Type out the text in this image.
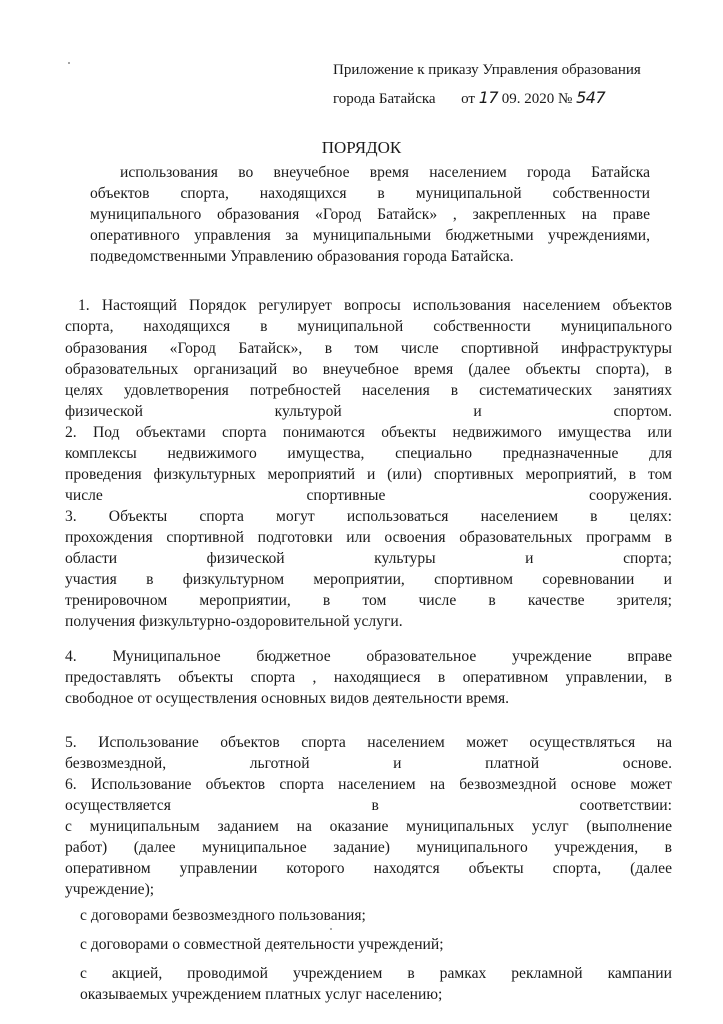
Приложение к приказу Управления образования
города Батайска от 17 09. 2020 № 547
ПОРЯДОК
использования во внеучебное время населением города Батайска
объектов спорта, находящихся в муниципальной собственности
муниципального образования «Город Батайск» , закрепленных на праве
оперативного управления за муниципальными бюджетными учреждениями,
подведомственными Управлению образования города Батайска.
1. Настоящий Порядок регулирует вопросы использования населением объектов
спорта, находящихся в муниципальной собственности муниципального
образования «Город Батайск», в том числе спортивной инфраструктуры
образовательных организаций во внеучебное время (далее объекты спорта), в
целях удовлетворения потребностей населения в систематических занятиях
физической культурой и спортом.
2. Под объектами спорта понимаются объекты недвижимого имущества или
комплексы недвижимого имущества, специально предназначенные для
проведения физкультурных мероприятий и (или) спортивных мероприятий, в том
числе спортивные сооружения.
3. Объекты спорта могут использоваться населением в целях:
прохождения спортивной подготовки или освоения образовательных программ в
области физической культуры и спорта;
участия в физкультурном мероприятии, спортивном соревновании и
тренировочном мероприятии, в том числе в качестве зрителя;
получения физкультурно-оздоровительной услуги.
4. Муниципальное бюджетное образовательное учреждение вправе
предоставлять объекты спорта , находящиеся в оперативном управлении, в
свободное от осуществления основных видов деятельности время.
5. Использование объектов спорта населением может осуществляться на
безвозмездной, льготной и платной основе.
6. Использование объектов спорта населением на безвозмездной основе может
осуществляется в соответствии:
с муниципальным заданием на оказание муниципальных услуг (выполнение
работ) (далее муниципальное задание) муниципального учреждения, в
оперативном управлении которого находятся объекты спорта, (далее
учреждение);
с договорами безвозмездного пользования;
с договорами о совместной деятельности учреждений;
с акцией, проводимой учреждением в рамках рекламной кампании
оказываемых учреждением платных услуг населению;
